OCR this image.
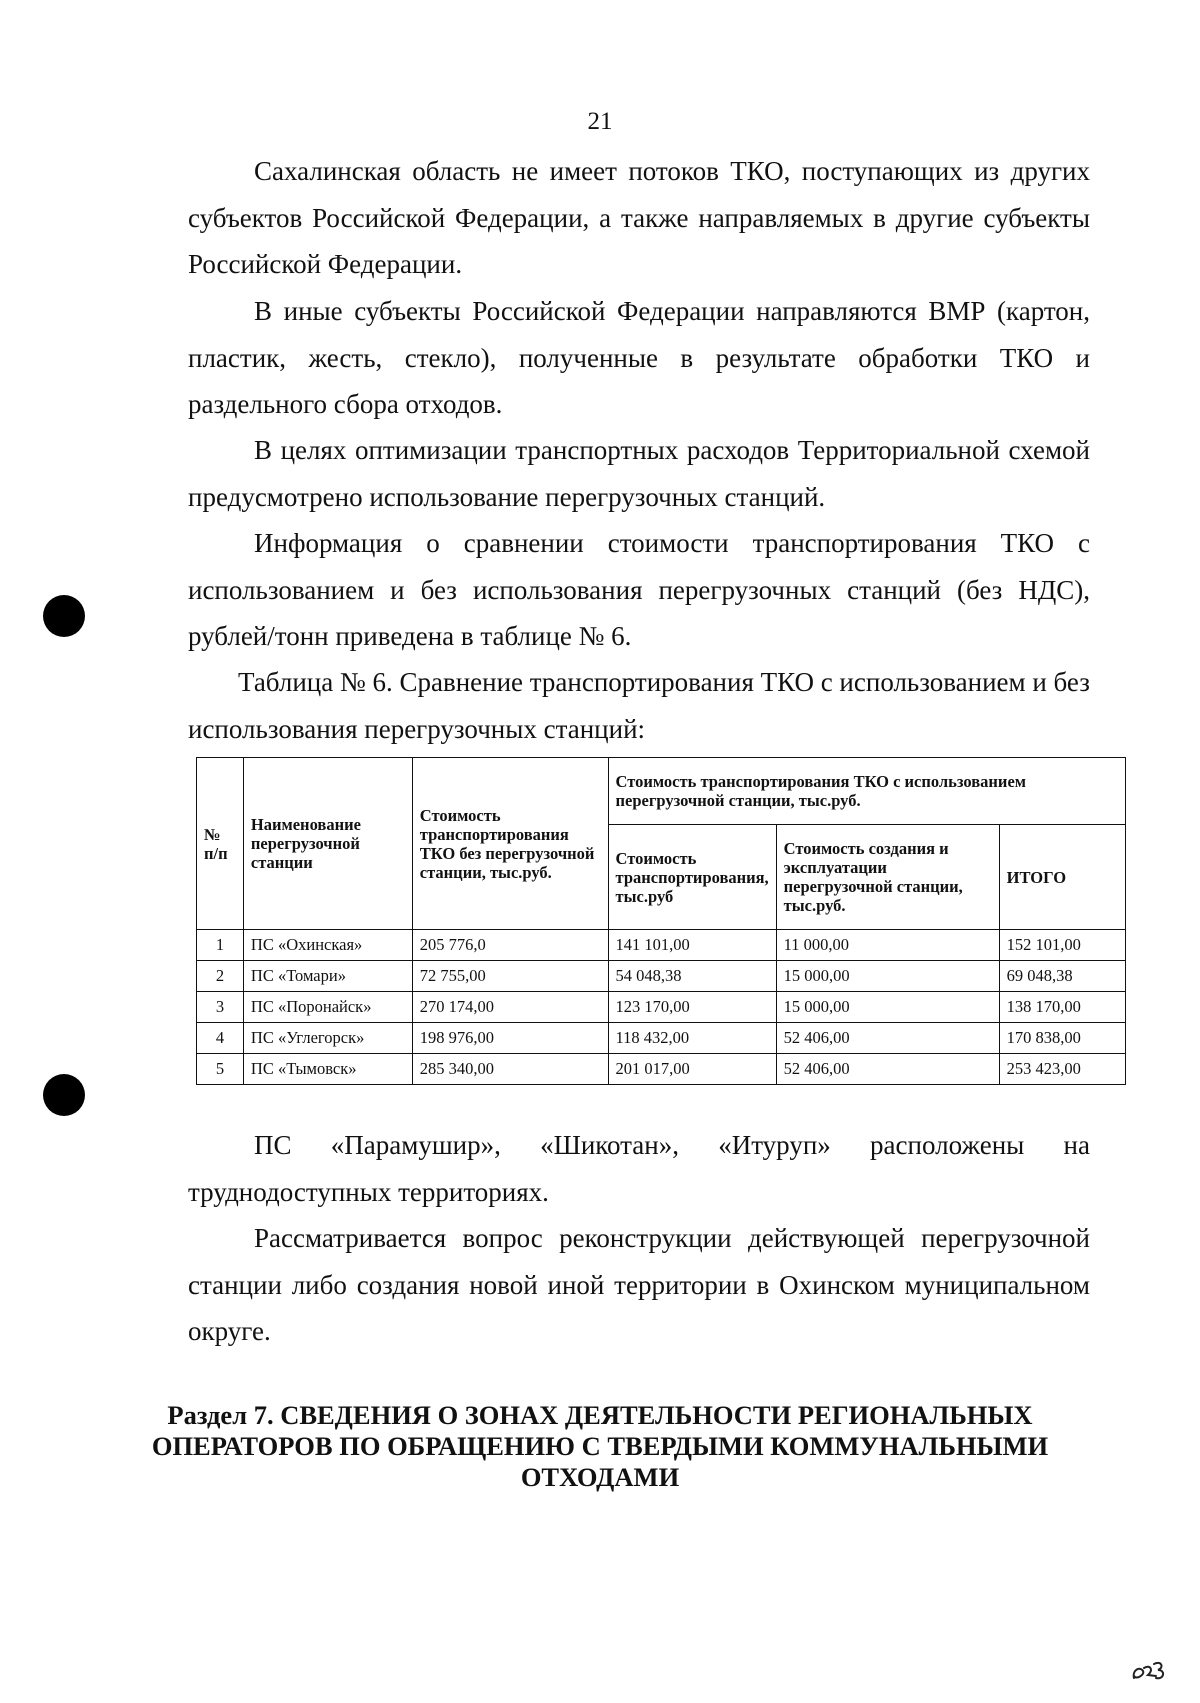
21

Сахалинская область не имеет потоков ТКО, поступающих из других субъектов Российской Федерации, а также направляемых в другие субъекты Российской Федерации.

В иные субъекты Российской Федерации направляются ВМР (картон, пластик, жесть, стекло), полученные в результате обработки ТКО и раздельного сбора отходов.

В целях оптимизации транспортных расходов Территориальной схемой предусмотрено использование перегрузочных станций.

Информация о сравнении стоимости транспортирования ТКО с использованием и без использования перегрузочных станций (без НДС), рублей/тонн приведена в таблице № 6.

Таблица № 6. Сравнение транспортирования ТКО с использованием и без использования перегрузочных станций:

№ п/п	Наименование перегрузочной станции	Стоимость транспортирования ТКО без перегрузочной станции, тыс.руб.	Стоимость транспортирования ТКО с использованием перегрузочной станции, тыс.руб.		
			Стоимость транспортирования, тыс.руб	Стоимость создания и эксплуатации перегрузочной станции, тыс.руб.	ИТОГО
1	ПС «Охинская»	205 776,0	141 101,00	11 000,00	152 101,00
2	ПС «Томари»	72 755,00	54 048,38	15 000,00	69 048,38
3	ПС «Поронайск»	270 174,00	123 170,00	15 000,00	138 170,00
4	ПС «Углегорск»	198 976,00	118 432,00	52 406,00	170 838,00
5	ПС «Тымовск»	285 340,00	201 017,00	52 406,00	253 423,00

ПС «Парамушир», «Шикотан», «Итуруп» расположены на труднодоступных территориях.

Рассматривается вопрос реконструкции действующей перегрузочной станции либо создания новой иной территории в Охинском муниципальном округе.

Раздел 7. СВЕДЕНИЯ О ЗОНАХ ДЕЯТЕЛЬНОСТИ РЕГИОНАЛЬНЫХ ОПЕРАТОРОВ ПО ОБРАЩЕНИЮ С ТВЕРДЫМИ КОММУНАЛЬНЫМИ ОТХОДАМИ
